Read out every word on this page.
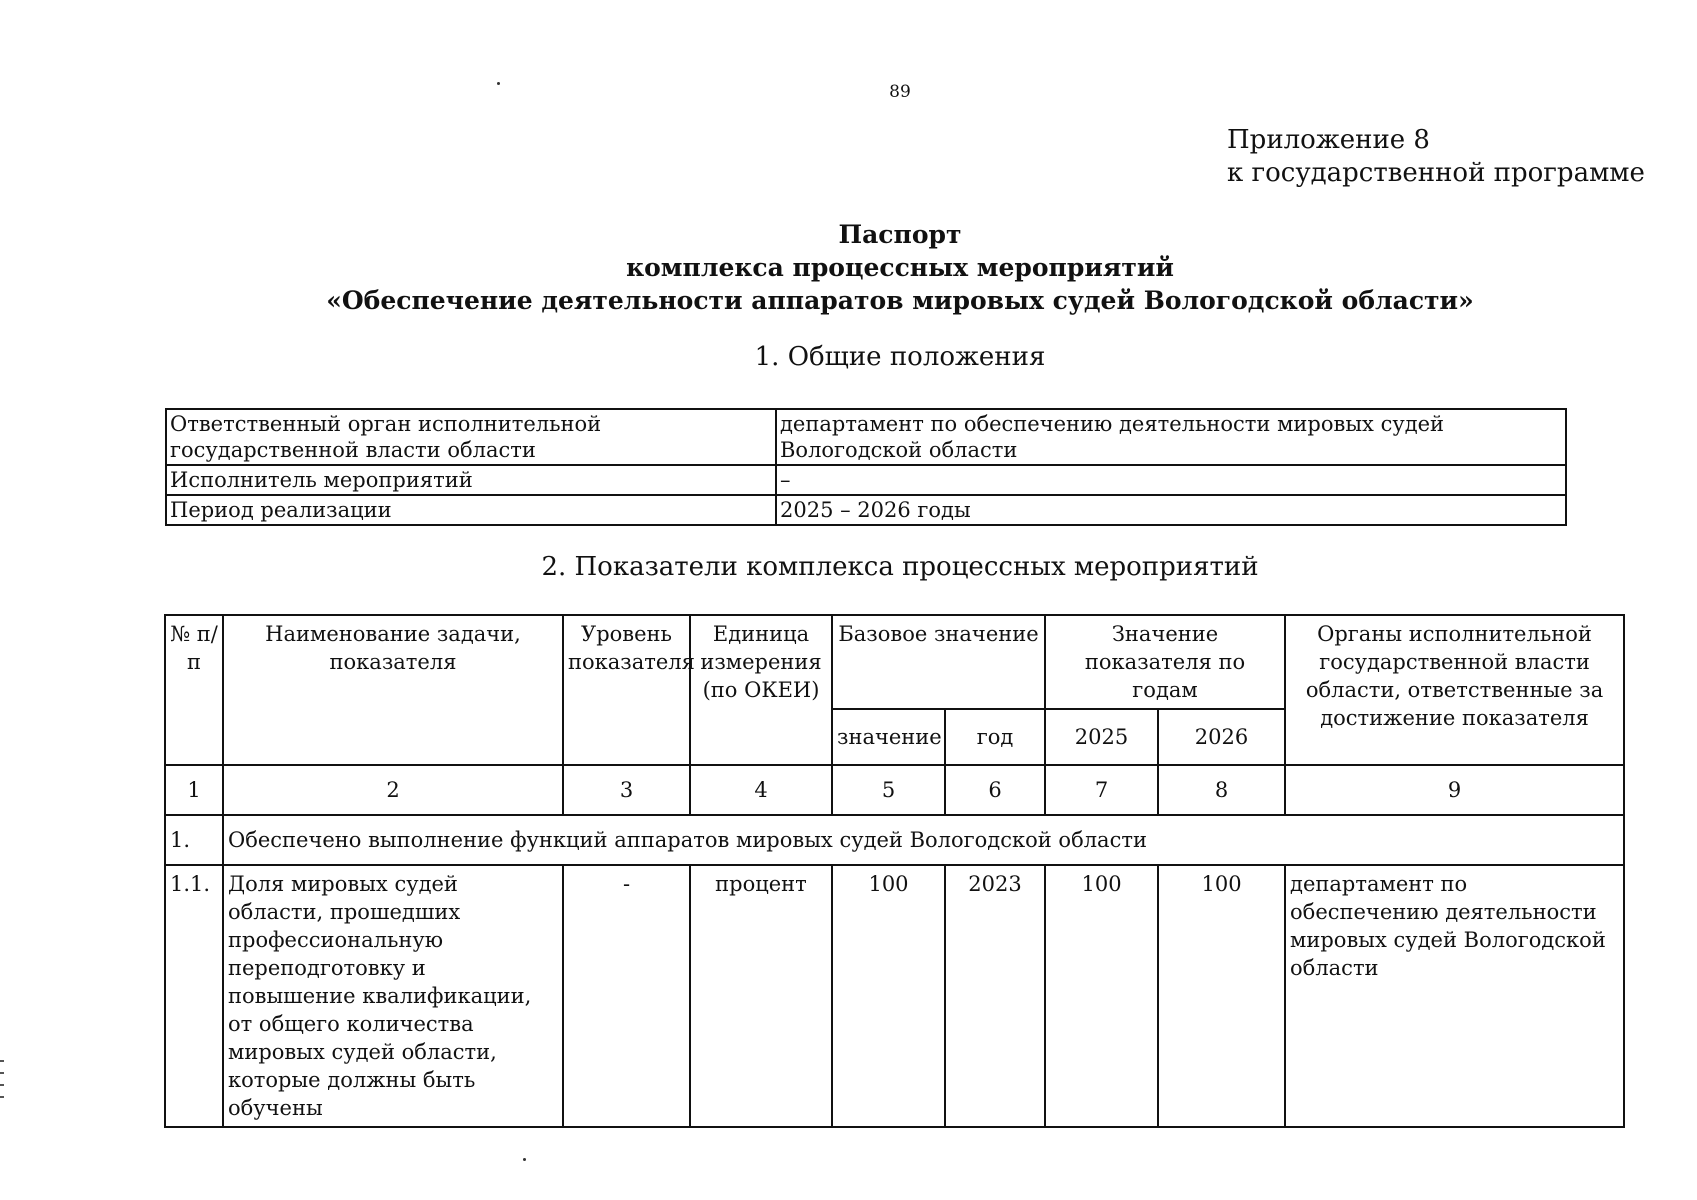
89
Приложение 8
к государственной программе
Паспорт
комплекса процессных мероприятий
«Обеспечение деятельности аппаратов мировых судей Вологодской области»
1. Общие положения
Ответственный орган исполнительной государственной власти области	департамент по обеспечению деятельности мировых судей Вологодской области
Исполнитель мероприятий	–
Период реализации	2025 – 2026 годы
2. Показатели комплекса процессных мероприятий
№ п/п	Наименование задачи, показателя	Уровень показателя	Единица измерения (по ОКЕИ)	Базовое значение		Значение показателя по годам		Органы исполнительной государственной власти области, ответственные за достижение показателя
				значение	год	2025	2026	
1	2	3	4	5	6	7	8	9
1.	Обеспечено выполнение функций аппаратов мировых судей Вологодской области							
1.1.	Доля мировых судей области, прошедших профессиональную переподготовку и повышение квалификации, от общего количества мировых судей области, которые должны быть обучены	-	процент	100	2023	100	100	департамент по обеспечению деятельности мировых судей Вологодской области
